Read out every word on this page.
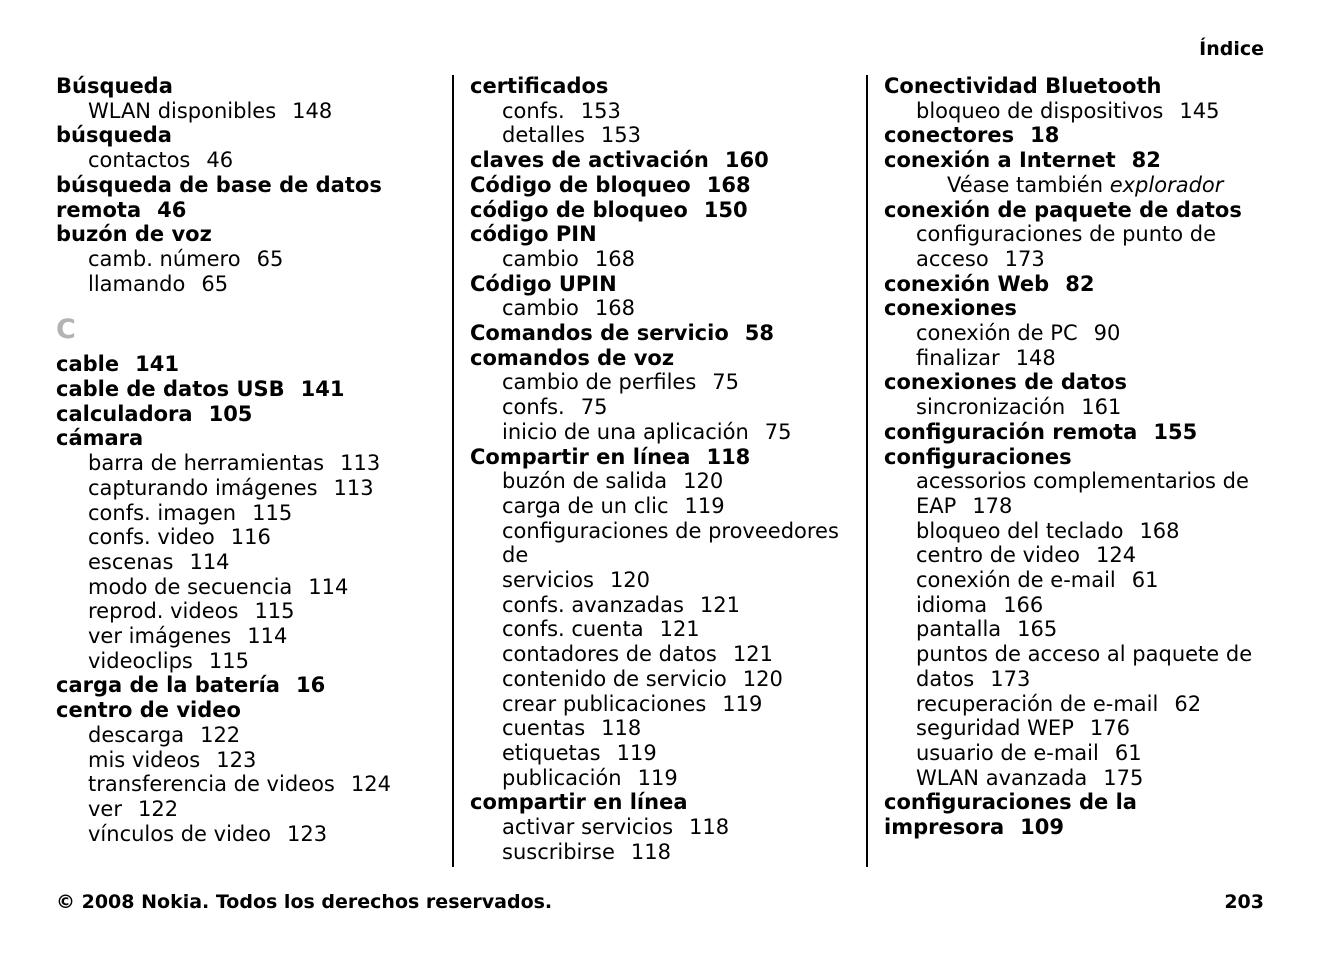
Índice
Búsqueda
WLAN disponibles 148
búsqueda
contactos 46
búsqueda de base de datos
remota 46
buzón de voz
camb. número 65
llamando 65
C
cable 141
cable de datos USB 141
calculadora 105
cámara
barra de herramientas 113
capturando imágenes 113
confs. imagen 115
confs. video 116
escenas 114
modo de secuencia 114
reprod. videos 115
ver imágenes 114
videoclips 115
carga de la batería 16
centro de video
descarga 122
mis videos 123
transferencia de videos 124
ver 122
vínculos de video 123
certificados
confs. 153
detalles 153
claves de activación 160
Código de bloqueo 168
código de bloqueo 150
código PIN
cambio 168
Código UPIN
cambio 168
Comandos de servicio 58
comandos de voz
cambio de perfiles 75
confs. 75
inicio de una aplicación 75
Compartir en línea 118
buzón de salida 120
carga de un clic 119
configuraciones de proveedores de
servicios 120
confs. avanzadas 121
confs. cuenta 121
contadores de datos 121
contenido de servicio 120
crear publicaciones 119
cuentas 118
etiquetas 119
publicación 119
compartir en línea
activar servicios 118
suscribirse 118
Conectividad Bluetooth
bloqueo de dispositivos 145
conectores 18
conexión a Internet 82
Véase también explorador
conexión de paquete de datos
configuraciones de punto de
acceso 173
conexión Web 82
conexiones
conexión de PC 90
finalizar 148
conexiones de datos
sincronización 161
configuración remota 155
configuraciones
acessorios complementarios de
EAP 178
bloqueo del teclado 168
centro de video 124
conexión de e-mail 61
idioma 166
pantalla 165
puntos de acceso al paquete de
datos 173
recuperación de e-mail 62
seguridad WEP 176
usuario de e-mail 61
WLAN avanzada 175
configuraciones de la
impresora 109
© 2008 Nokia. Todos los derechos reservados.	203
